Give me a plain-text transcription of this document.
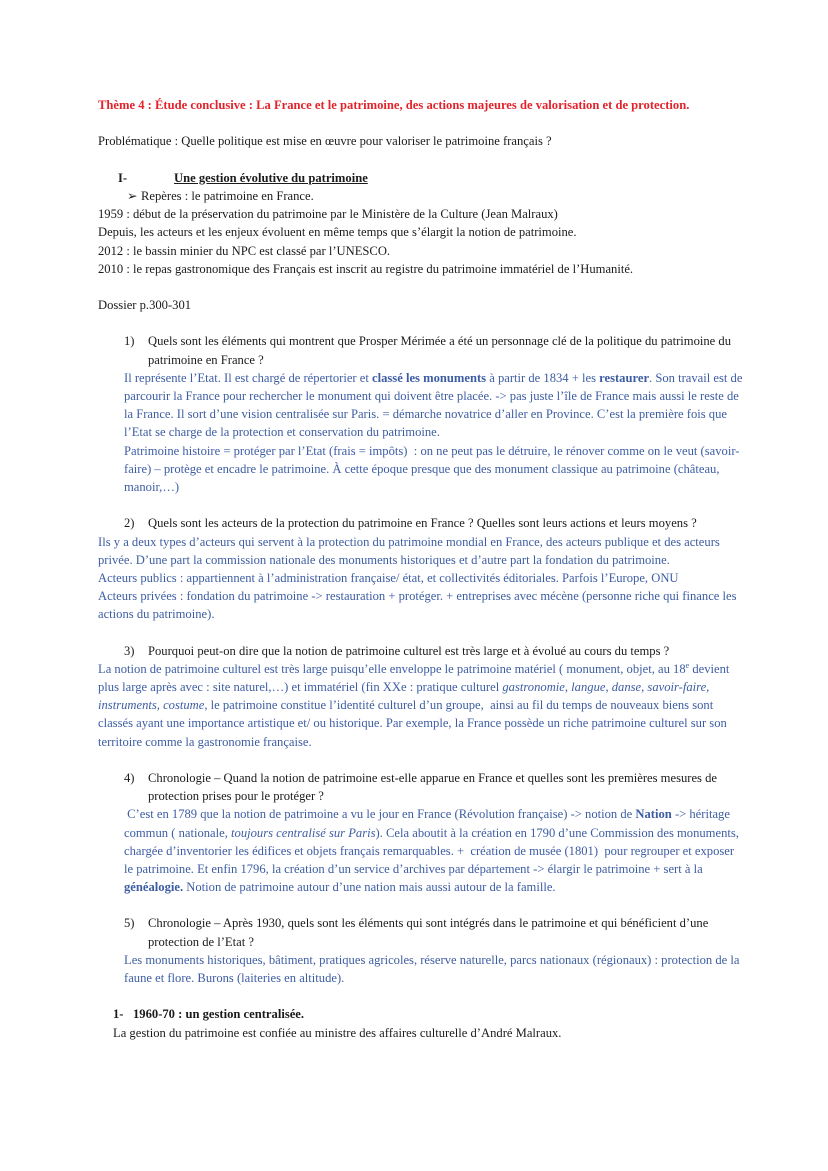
Thème 4 : Étude conclusive : La France et le patrimoine, des actions majeures de valorisation et de protection.
Problématique : Quelle politique est mise en œuvre pour valoriser le patrimoine français ?
I-	Une gestion évolutive du patrimoine
➢ Repères : le patrimoine en France.
1959 : début de la préservation du patrimoine par le Ministère de la Culture (Jean Malraux)
Depuis, les acteurs et les enjeux évoluent en même temps que s’élargit la notion de patrimoine.
2012 : le bassin minier du NPC est classé par l’UNESCO.
2010 : le repas gastronomique des Français est inscrit au registre du patrimoine immatériel de l’Humanité.
Dossier p.300-301
1) Quels sont les éléments qui montrent que Prosper Mérimée a été un personnage clé de la politique du patrimoine du
patrimoine en France ?
Il représente l’Etat. Il est chargé de répertorier et classé les monuments à partir de 1834 + les restaurer. Son travail est de
parcourir la France pour rechercher le monument qui doivent être placée. -> pas juste l’île de France mais aussi le reste de
la France. Il sort d’une vision centralisée sur Paris. = démarche novatrice d’aller en Province. C’est la première fois que
l’Etat se charge de la protection et conservation du patrimoine.
Patrimoine histoire = protéger par l’Etat (frais = impôts)  : on ne peut pas le détruire, le rénover comme on le veut (savoir-
faire) – protège et encadre le patrimoine. À cette époque presque que des monument classique au patrimoine (château,
manoir,…)
2) Quels sont les acteurs de la protection du patrimoine en France ? Quelles sont leurs actions et leurs moyens ?
Ils y a deux types d’acteurs qui servent à la protection du patrimoine mondial en France, des acteurs publique et des acteurs
privée. D’une part la commission nationale des monuments historiques et d’autre part la fondation du patrimoine.
Acteurs publics : appartiennent à l’administration française/ état, et collectivités éditoriales. Parfois l’Europe, ONU
Acteurs privées : fondation du patrimoine -> restauration + protéger. + entreprises avec mécène (personne riche qui finance les
actions du patrimoine).
3) Pourquoi peut-on dire que la notion de patrimoine culturel est très large et à évolué au cours du temps ?
La notion de patrimoine culturel est très large puisqu’elle enveloppe le patrimoine matériel ( monument, objet, au 18e devient
plus large après avec : site naturel,…) et immatériel (fin XXe : pratique culturel gastronomie, langue, danse, savoir-faire,
instruments, costume, le patrimoine constitue l’identité culturel d’un groupe,  ainsi au fil du temps de nouveaux biens sont
classés ayant une importance artistique et/ ou historique. Par exemple, la France possède un riche patrimoine culturel sur son
territoire comme la gastronomie française.
4) Chronologie – Quand la notion de patrimoine est-elle apparue en France et quelles sont les premières mesures de
protection prises pour le protéger ?
C’est en 1789 que la notion de patrimoine a vu le jour en France (Révolution française) -> notion de Nation -> héritage
commun ( nationale, toujours centralisé sur Paris). Cela aboutit à la création en 1790 d’une Commission des monuments,
chargée d’inventorier les édifices et objets français remarquables. +  création de musée (1801)  pour regrouper et exposer
le patrimoine. Et enfin 1796, la création d’un service d’archives par département -> élargir le patrimoine + sert à la
généalogie. Notion de patrimoine autour d’une nation mais aussi autour de la famille.
5) Chronologie – Après 1930, quels sont les éléments qui sont intégrés dans le patrimoine et qui bénéficient d’une
protection de l’Etat ?
Les monuments historiques, bâtiment, pratiques agricoles, réserve naturelle, parcs nationaux (régionaux) : protection de la
faune et flore. Burons (laiteries en altitude).
1- 1960-70 : un gestion centralisée.
La gestion du patrimoine est confiée au ministre des affaires culturelle d’André Malraux.
